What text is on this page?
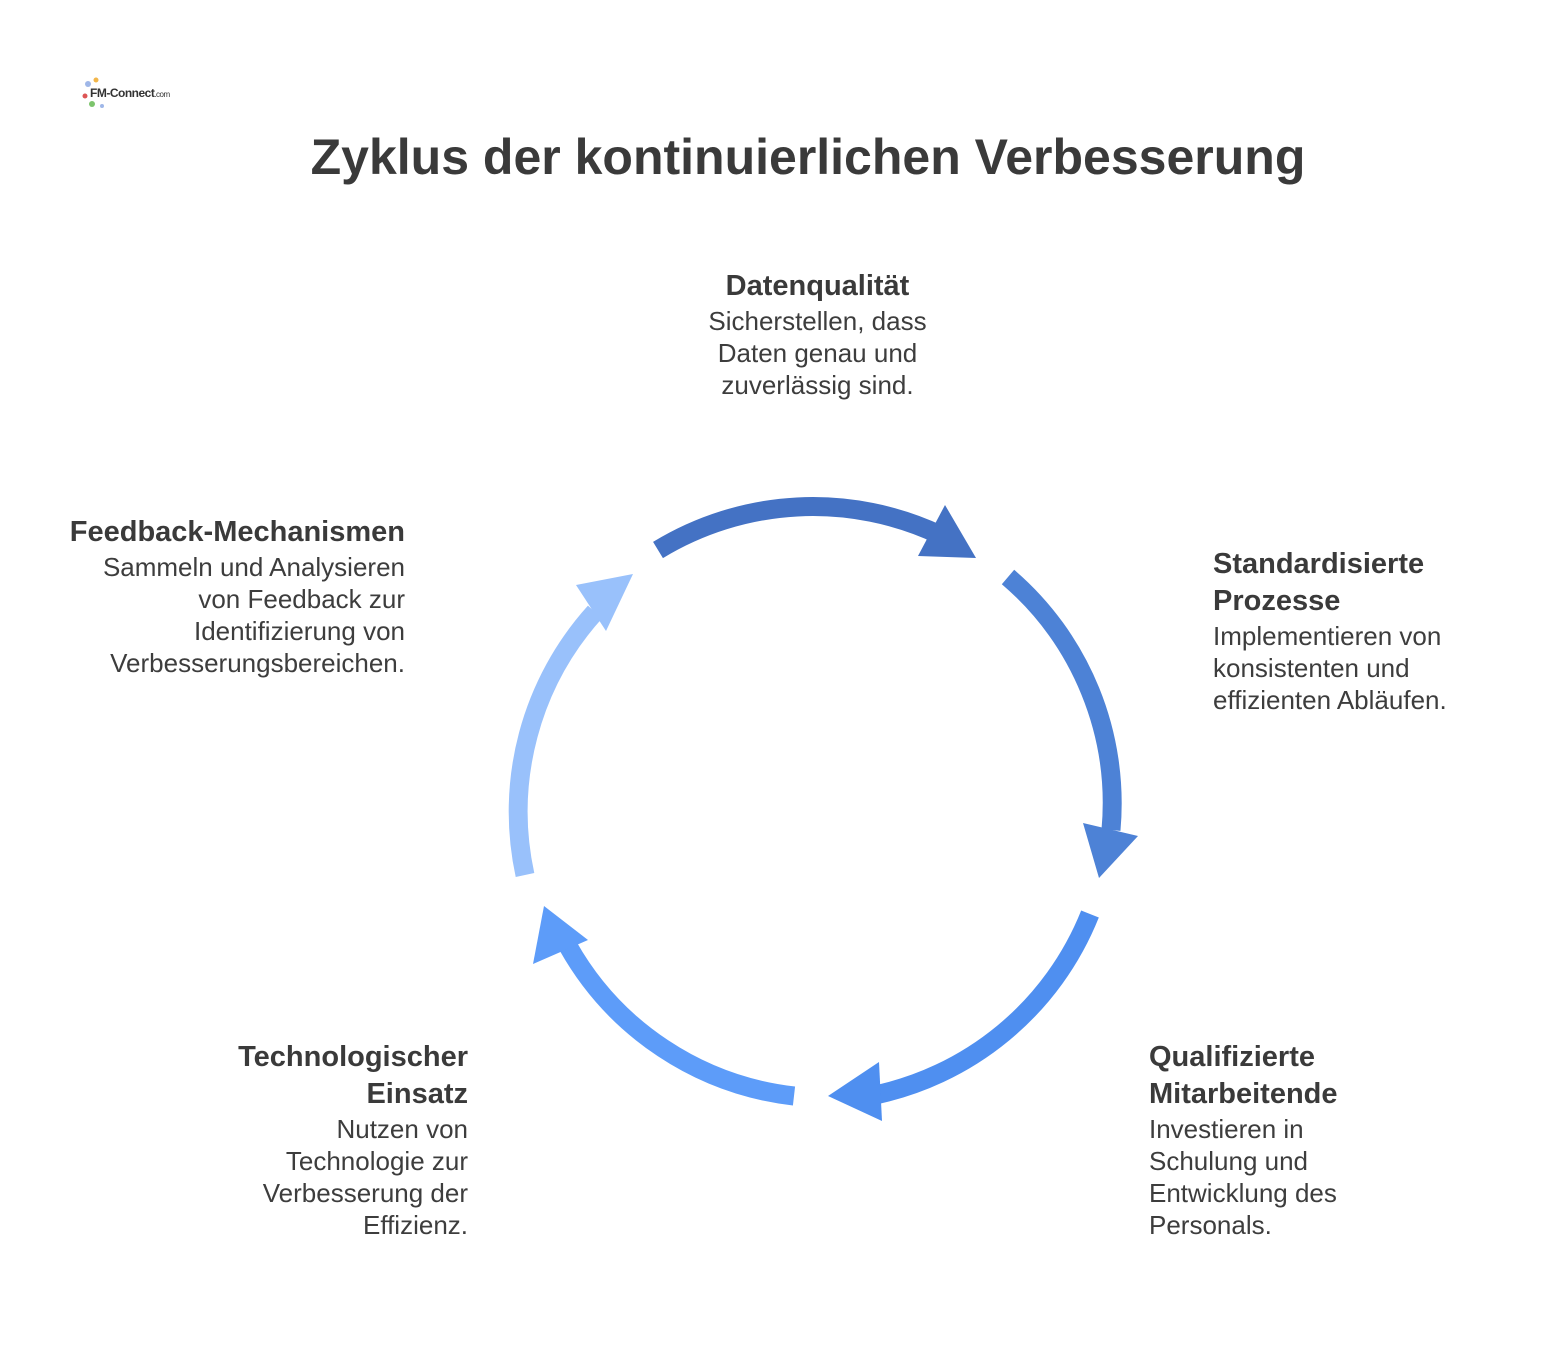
FM-Connect.com
Zyklus der kontinuierlichen Verbesserung
Datenqualität
Sicherstellen, dass Daten genau und zuverlässig sind.
Standardisierte Prozesse
Implementieren von konsistenten und effizienten Abläufen.
Qualifizierte Mitarbeitende
Investieren in Schulung und Entwicklung des Personals.
Technologischer Einsatz
Nutzen von Technologie zur Verbesserung der Effizienz.
Feedback-Mechanismen
Sammeln und Analysieren von Feedback zur Identifizierung von Verbesserungsbereichen.
